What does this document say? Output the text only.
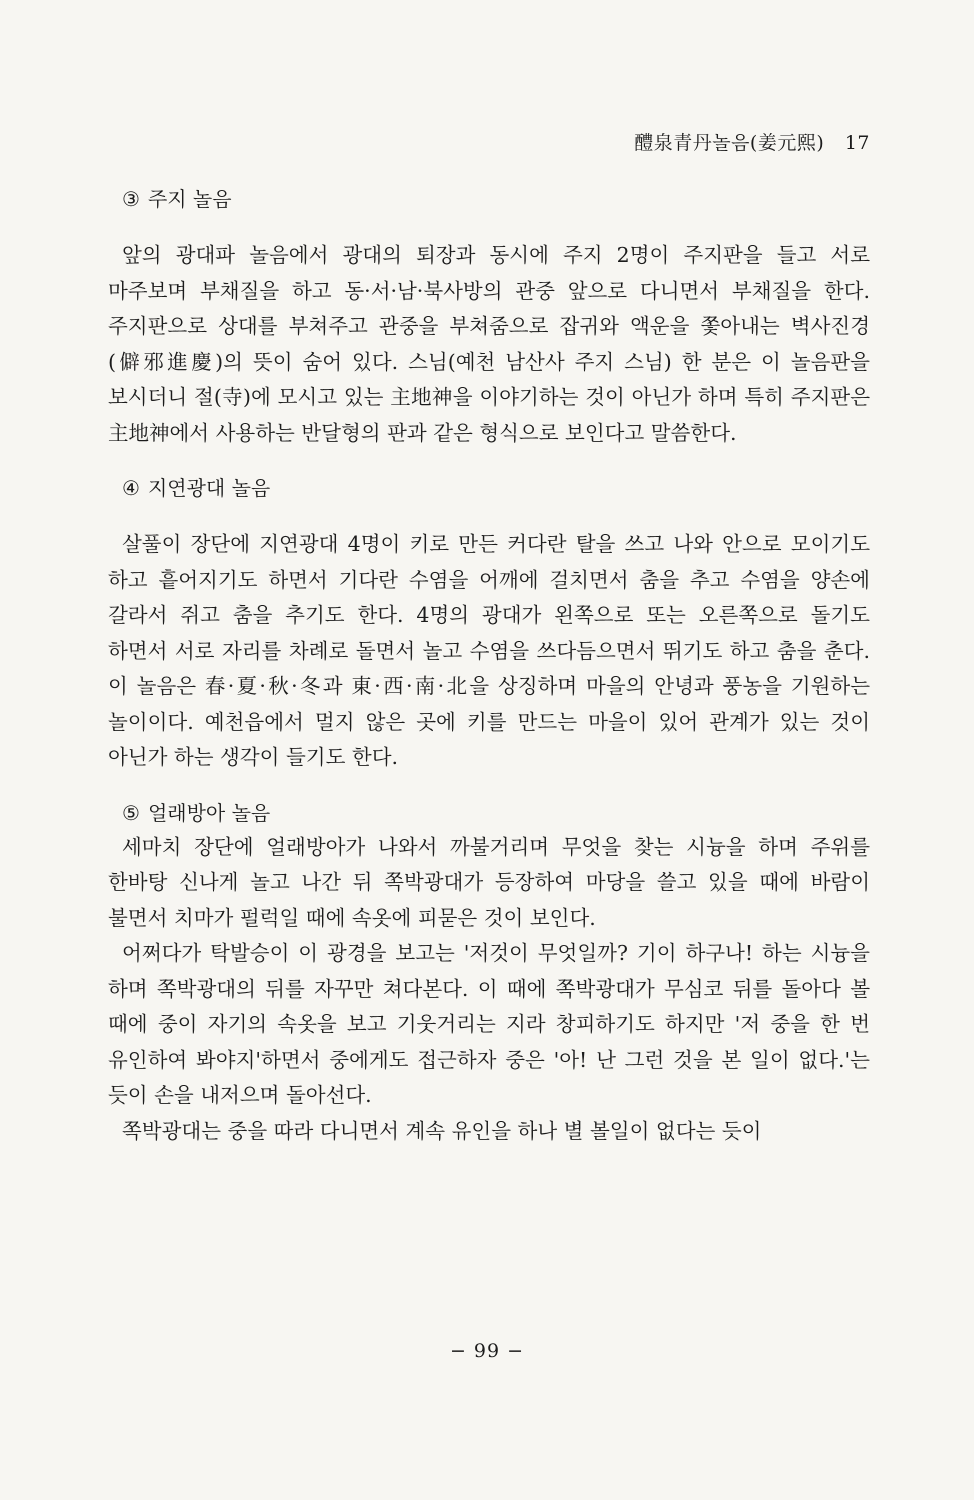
醴泉青丹놀음(姜元熙) 17
③ 주지 놀음

앞의 광대파 놀음에서 광대의 퇴장과 동시에 주지 2명이 주지판을 들고 서로 마주보며 부채질을 하고 동·서·남·북사방의 관중 앞으로 다니면서 부채질을 한다. 주지판으로 상대를 부쳐주고 관중을 부쳐줌으로 잡귀와 액운을 쫓아내는 벽사진경(僻邪進慶)의 뜻이 숨어 있다. 스님(예천 남산사 주지 스님) 한 분은 이 놀음판을 보시더니 절(寺)에 모시고 있는 主地神을 이야기하는 것이 아닌가 하며 특히 주지판은 主地神에서 사용하는 반달형의 판과 같은 형식으로 보인다고 말씀한다.

④ 지연광대 놀음

살풀이 장단에 지연광대 4명이 키로 만든 커다란 탈을 쓰고 나와 안으로 모이기도 하고 흩어지기도 하면서 기다란 수염을 어깨에 걸치면서 춤을 추고 수염을 양손에 갈라서 쥐고 춤을 추기도 한다. 4명의 광대가 왼쪽으로 또는 오른쪽으로 돌기도 하면서 서로 자리를 차례로 돌면서 놀고 수염을 쓰다듬으면서 뛰기도 하고 춤을 춘다. 이 놀음은 春·夏·秋·冬과 東·西·南·北을 상징하며 마을의 안녕과 풍농을 기원하는 놀이이다. 예천읍에서 멀지 않은 곳에 키를 만드는 마을이 있어 관계가 있는 것이 아닌가 하는 생각이 들기도 한다.

⑤ 얼래방아 놀음

세마치 장단에 얼래방아가 나와서 까불거리며 무엇을 찾는 시늉을 하며 주위를 한바탕 신나게 놀고 나간 뒤 쪽박광대가 등장하여 마당을 쓸고 있을 때에 바람이 불면서 치마가 펄럭일 때에 속옷에 피묻은 것이 보인다.

어쩌다가 탁발승이 이 광경을 보고는 '저것이 무엇일까? 기이 하구나! 하는 시늉을 하며 쪽박광대의 뒤를 자꾸만 쳐다본다. 이 때에 쪽박광대가 무심코 뒤를 돌아다 볼 때에 중이 자기의 속옷을 보고 기웃거리는 지라 창피하기도 하지만 '저 중을 한 번 유인하여 봐야지'하면서 중에게도 접근하자 중은 '아! 난 그런 것을 본 일이 없다.'는 듯이 손을 내저으며 돌아선다.

쪽박광대는 중을 따라 다니면서 계속 유인을 하나 별 볼일이 없다는 듯이

− 99 −
